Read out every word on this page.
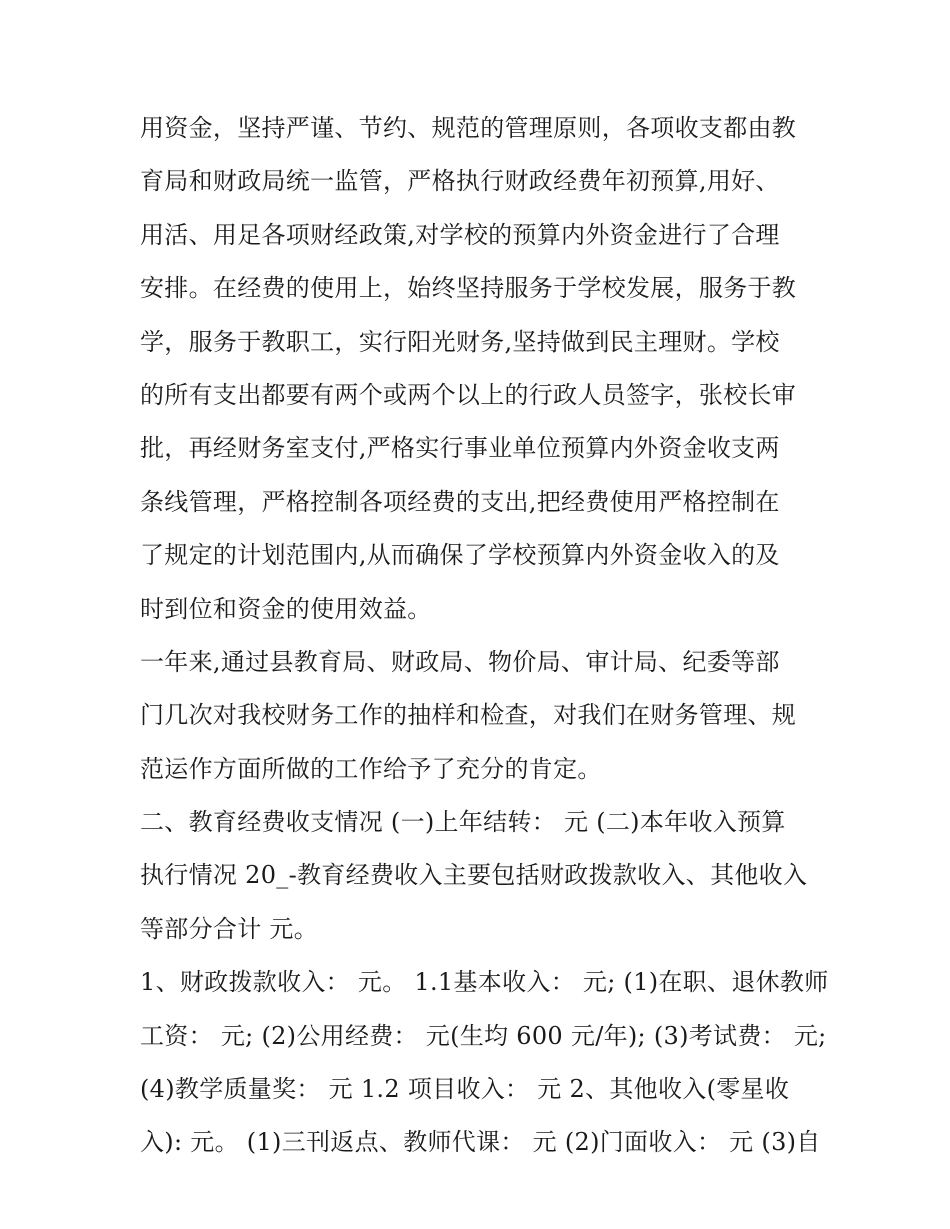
用资金，坚持严谨、节约、规范的管理原则，各项收支都由教
育局和财政局统一监管，严格执行财政经费年初预算,用好、
用活、用足各项财经政策,对学校的预算内外资金进行了合理
安排。在经费的使用上，始终坚持服务于学校发展，服务于教
学，服务于教职工，实行阳光财务,坚持做到民主理财。学校
的所有支出都要有两个或两个以上的行政人员签字，张校长审
批，再经财务室支付,严格实行事业单位预算内外资金收支两
条线管理，严格控制各项经费的支出,把经费使用严格控制在
了规定的计划范围内,从而确保了学校预算内外资金收入的及
时到位和资金的使用效益。
一年来,通过县教育局、财政局、物价局、审计局、纪委等部
门几次对我校财务工作的抽样和检查，对我们在财务管理、规
范运作方面所做的工作给予了充分的肯定。
二、教育经费收支情况 (一)上年结转： 元 (二)本年收入预算
执行情况 20_-教育经费收入主要包括财政拨款收入、其他收入
等部分合计 元。
1、财政拨款收入： 元。 1.1基本收入： 元; (1)在职、退休教师
工资： 元; (2)公用经费： 元(生均 600 元/年); (3)考试费： 元;
(4)教学质量奖： 元 1.2 项目收入： 元 2、其他收入(零星收
入): 元。 (1)三刊返点、教师代课： 元 (2)门面收入： 元 (3)自
